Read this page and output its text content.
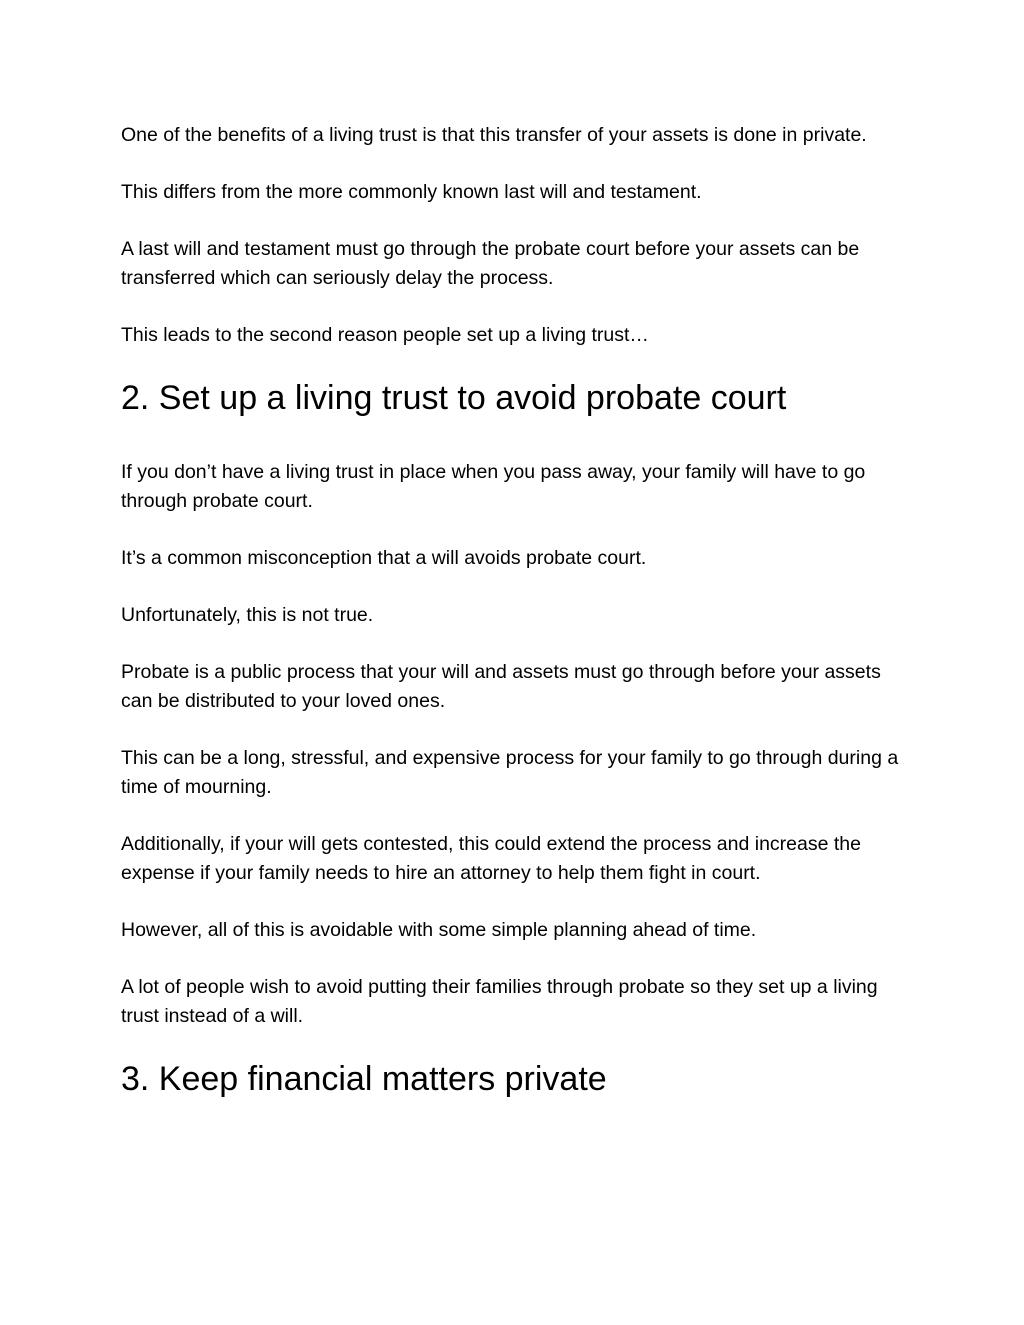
One of the benefits of a living trust is that this transfer of your assets is done in private.

This differs from the more commonly known last will and testament.

A last will and testament must go through the probate court before your assets can be transferred which can seriously delay the process.

This leads to the second reason people set up a living trust…

2. Set up a living trust to avoid probate court

If you don’t have a living trust in place when you pass away, your family will have to go through probate court.

It’s a common misconception that a will avoids probate court.

Unfortunately, this is not true.

Probate is a public process that your will and assets must go through before your assets can be distributed to your loved ones.

This can be a long, stressful, and expensive process for your family to go through during a time of mourning.

Additionally, if your will gets contested, this could extend the process and increase the expense if your family needs to hire an attorney to help them fight in court.

However, all of this is avoidable with some simple planning ahead of time.

A lot of people wish to avoid putting their families through probate so they set up a living trust instead of a will.

3. Keep financial matters private
